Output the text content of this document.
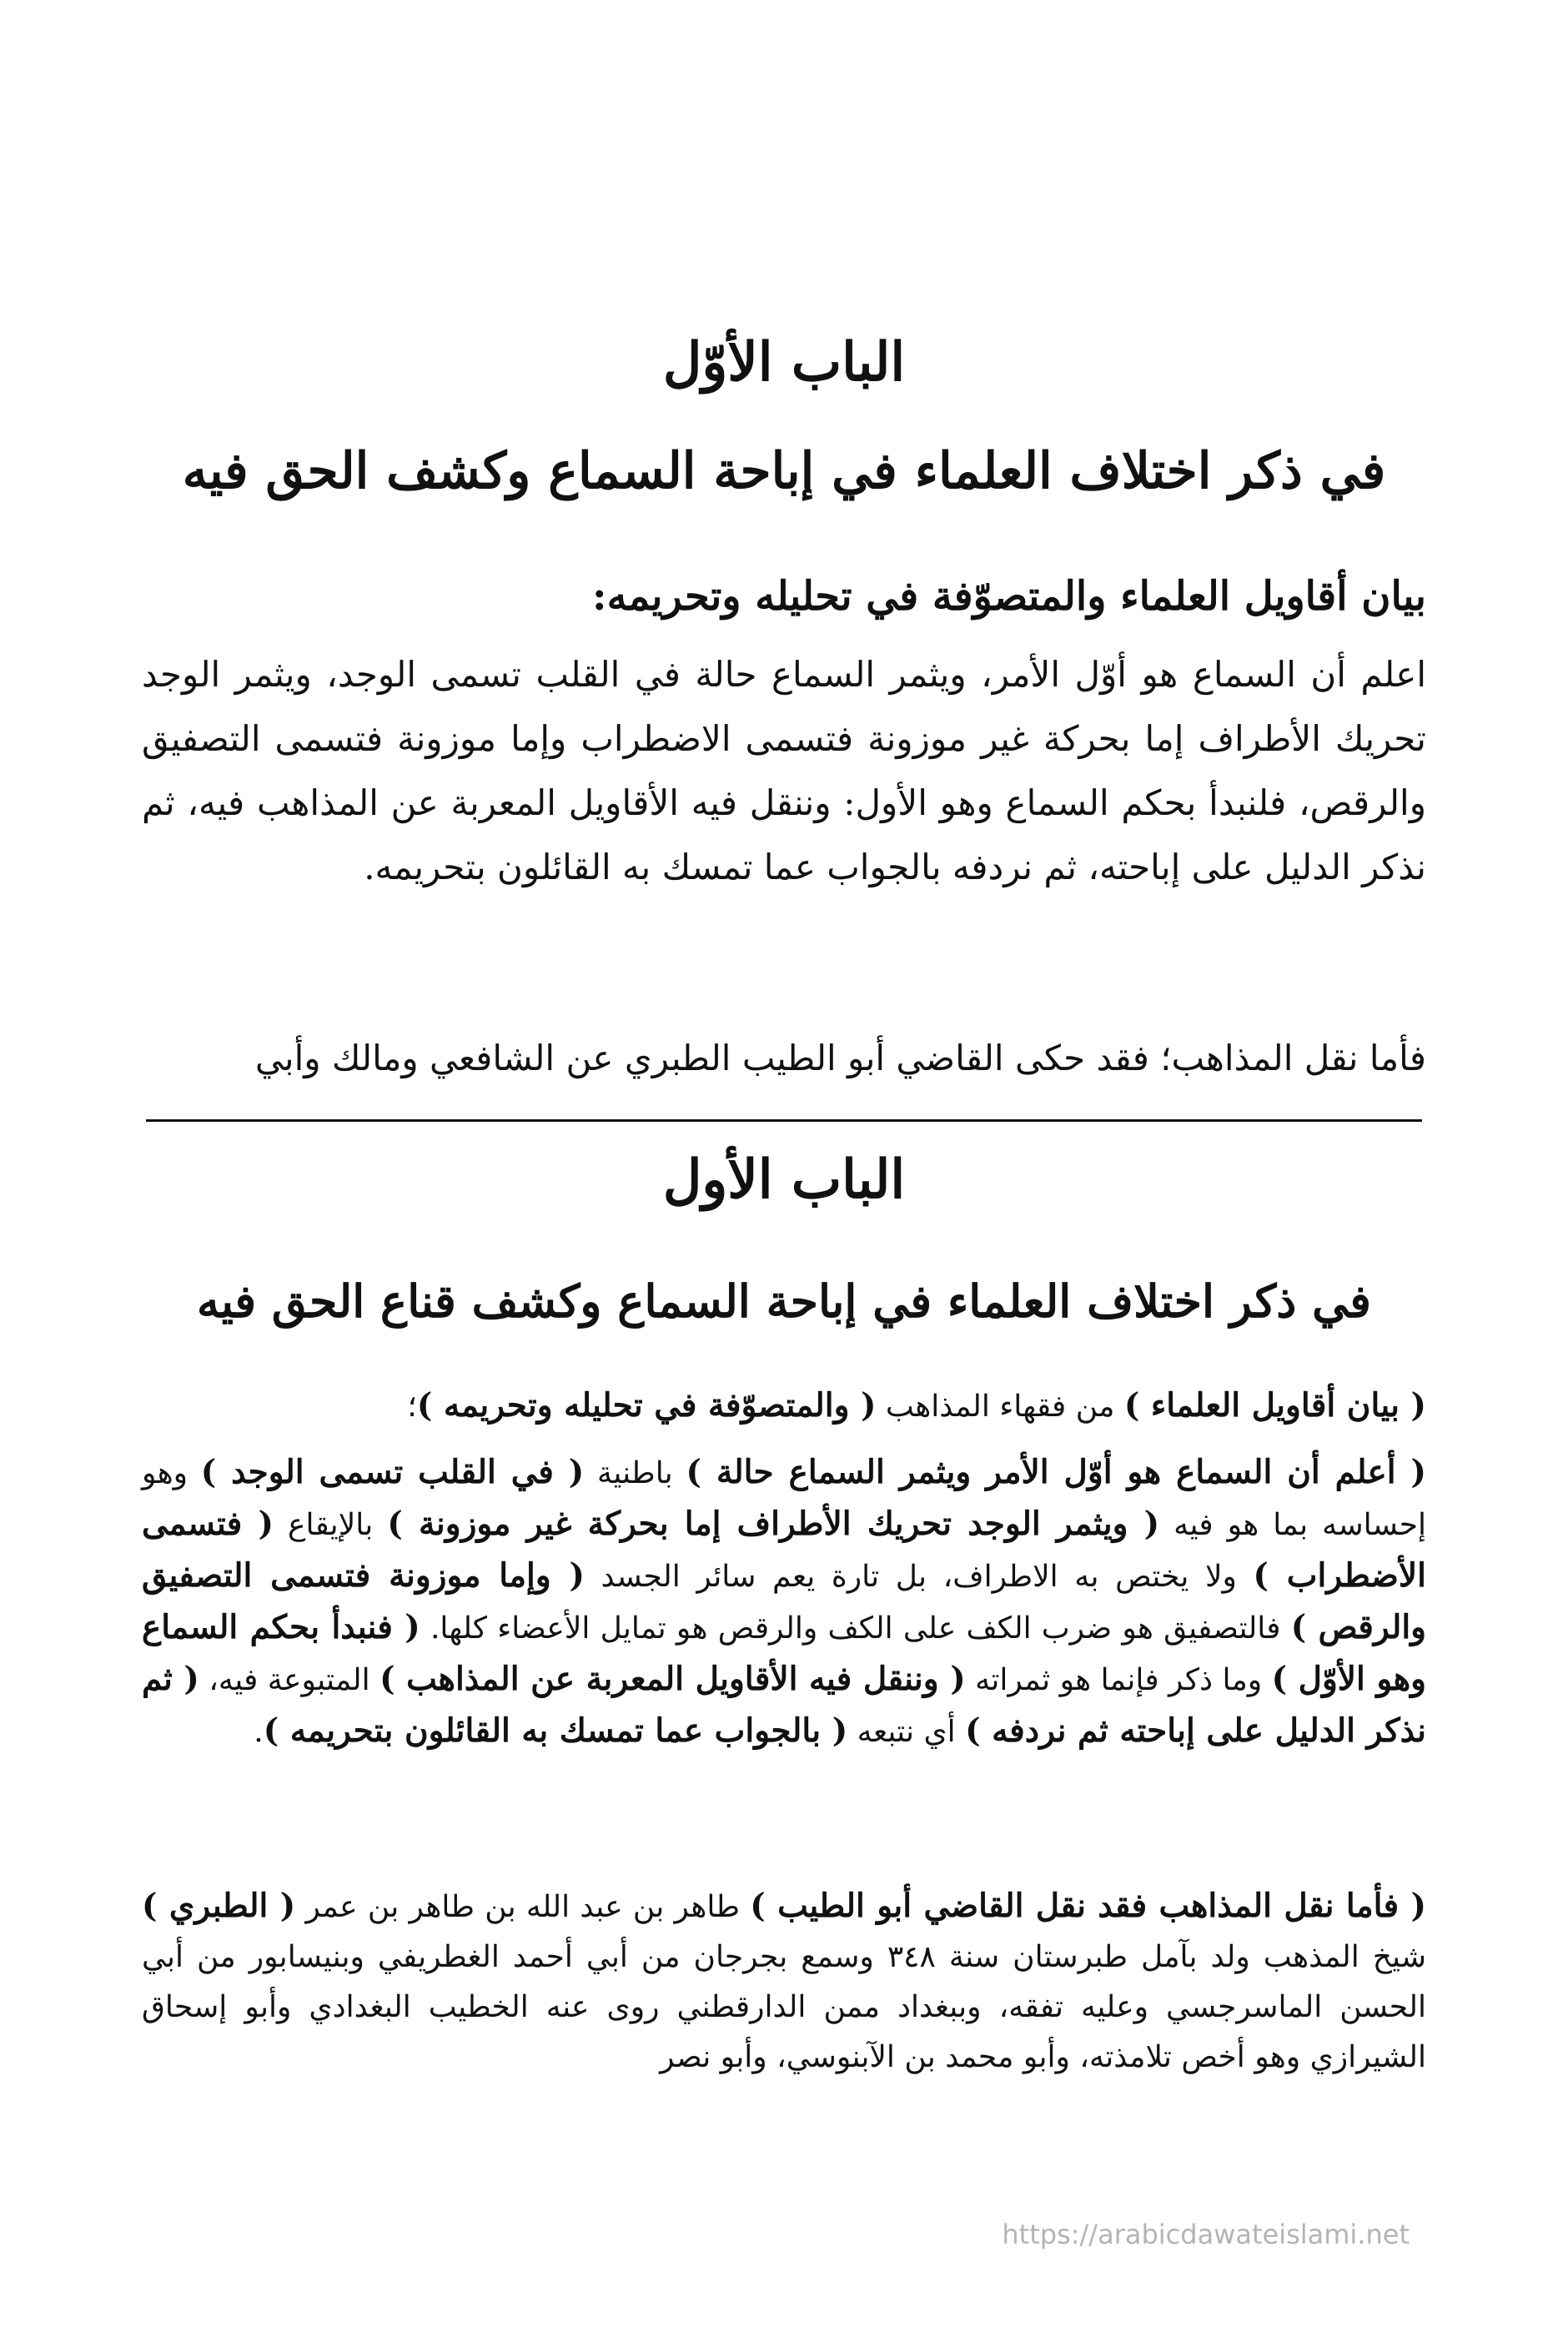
الباب الأوّل
في ذكر اختلاف العلماء في إباحة السماع وكشف الحق فيه
بيان أقاويل العلماء والمتصوّفة في تحليله وتحريمه:
اعلم أن السماع هو أوّل الأمر، ويثمر السماع حالة في القلب تسمى الوجد، ويثمر الوجد تحريك الأطراف إما بحركة غير موزونة فتسمى الاضطراب وإما موزونة فتسمى التصفيق والرقص، فلنبدأ بحكم السماع وهو الأول: وننقل فيه الأقاويل المعربة عن المذاهب فيه، ثم نذكر الدليل على إباحته، ثم نردفه بالجواب عما تمسك به القائلون بتحريمه.
فأما نقل المذاهب؛ فقد حكى القاضي أبو الطيب الطبري عن الشافعي ومالك وأبي
الباب الأول
في ذكر اختلاف العلماء في إباحة السماع وكشف قناع الحق فيه
( بيان أقاويل العلماء ) من فقهاء المذاهب ( والمتصوّفة في تحليله وتحريمه )؛
( أعلم أن السماع هو أوّل الأمر ويثمر السماع حالة ) باطنية ( في القلب تسمى الوجد ) وهو إحساسه بما هو فيه ( ويثمر الوجد تحريك الأطراف إما بحركة غير موزونة ) بالإيقاع ( فتسمى الأضطراب ) ولا يختص به الاطراف، بل تارة يعم سائر الجسد ( وإما موزونة فتسمى التصفيق والرقص ) فالتصفيق هو ضرب الكف على الكف والرقص هو تمايل الأعضاء كلها. ( فنبدأ بحكم السماع وهو الأوّل ) وما ذكر فإنما هو ثمراته ( وننقل فيه الأقاويل المعربة عن المذاهب ) المتبوعة فيه، ( ثم نذكر الدليل على إباحته ثم نردفه ) أي نتبعه ( بالجواب عما تمسك به القائلون بتحريمه ).
( فأما نقل المذاهب فقد نقل القاضي أبو الطيب ) طاهر بن عبد الله بن طاهر بن عمر ( الطبري ) شيخ المذهب ولد بآمل طبرستان سنة ٣٤٨ وسمع بجرجان من أبي أحمد الغطريفي وبنيسابور من أبي الحسن الماسرجسي وعليه تفقه، وببغداد ممن الدارقطني روى عنه الخطيب البغدادي وأبو إسحاق الشيرازي وهو أخص تلامذته، وأبو محمد بن الآبنوسي، وأبو نصر
https://arabicdawateislami.net
